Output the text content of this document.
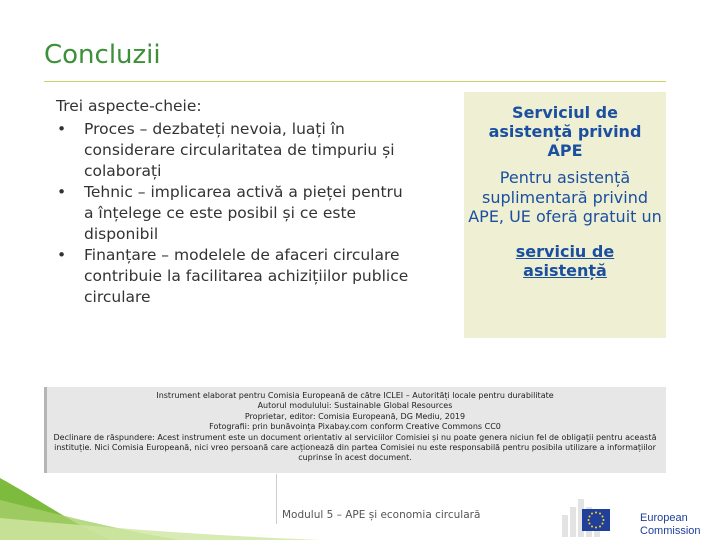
Concluzii
Trei aspecte-cheie:
• Proces – dezbateți nevoia, luați în considerare circularitatea de timpuriu și colaborați
• Tehnic – implicarea activă a pieței pentru a înțelege ce este posibil și ce este disponibil
• Finanțare – modelele de afaceri circulare contribuie la facilitarea achizițiilor publice circulare
Serviciul de asistență privind APE
Pentru asistență suplimentară privind APE, UE oferă gratuit un
serviciu de asistență
Instrument elaborat pentru Comisia Europeană de către ICLEI – Autorități locale pentru durabilitate
Autorul modulului: Sustainable Global Resources
Proprietar, editor: Comisia Europeană, DG Mediu, 2019
Fotografii: prin bunăvoința Pixabay.com conform Creative Commons CC0
Declinare de răspundere: Acest instrument este un document orientativ al serviciilor Comisiei și nu poate genera niciun fel de obligații pentru această instituție. Nici Comisia Europeană, nici vreo persoană care acționează din partea Comisiei nu este responsabilă pentru posibila utilizare a informațiilor cuprinse în acest document.
Modulul 5 – APE și economia circulară	European
Commission
